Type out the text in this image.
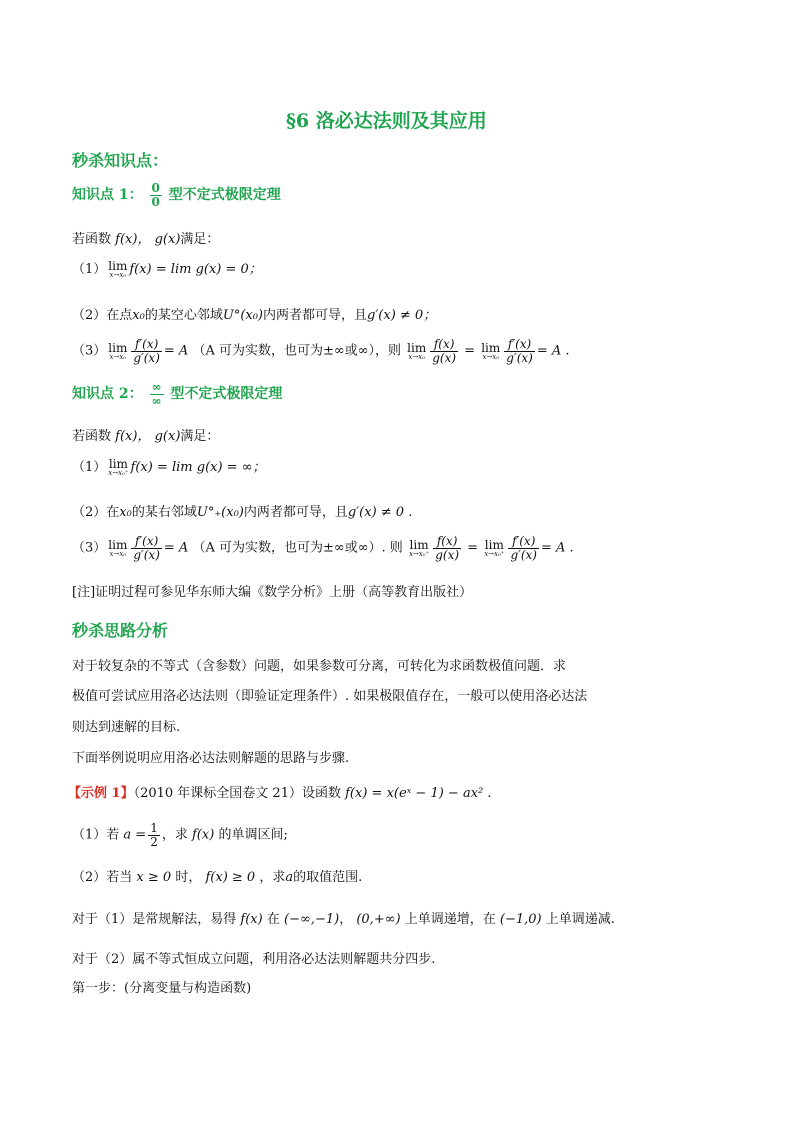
§6 洛必达法则及其应用
秒杀知识点：
知识点 1： $\frac{0}{0}$ 型不定式极限定理
若函数 f(x)， g(x)满足：
（1） lim
x→x₀ f(x) = lim g(x) = 0；
（2）在点x₀的某空心邻域U°(x₀)内两者都可导，且g′(x) ≠ 0；
（3） lim
$x\to x_0 \frac{f'(x)}{g'(x)} = A$ （A 可为实数，也可为±∞或∞），则 lim
$x\to x_0 \frac{f(x)}{g(x)} = \lim$
$x\to x_0 \frac{f'(x)}{g'(x)} = A$ .
知识点 2： $\frac{\infty}{\infty}$ 型不定式极限定理
若函数 f(x)， g(x)满足：
（1） lim
x→x₀⁺ f(x) = lim g(x) = ∞；
（2）在x₀的某右邻域U°₊(x₀)内两者都可导，且g′(x) ≠ 0 .
（3） lim
$x\to x_0 \frac{f'(x)}{g'(x)} = A$ （A 可为实数，也可为±∞或∞）. 则 lim
$x\to x_0^+ \frac{f(x)}{g(x)} = \lim$
$x\to x_0^+ \frac{f'(x)}{g'(x)} = A$ .
[注]证明过程可参见华东师大编《数学分析》上册（高等教育出版社）
秒杀思路分析
对于较复杂的不等式（含参数）问题，如果参数可分离，可转化为求函数极值问题．求
极值可尝试应用洛必达法则（即验证定理条件）. 如果极限值存在，一般可以使用洛必达法
则达到速解的目标.
下面举例说明应用洛必达法则解题的思路与步骤.
【示例 1】（2010 年课标全国卷文 21）设函数 f(x) = x(eˣ − 1) − ax² .
（1）若 $a = \frac{1}{2}$ ，求 f(x) 的单调区间;
（2）若当 x ≥ 0 时， f(x) ≥ 0 ，求a的取值范围.
对于（1）是常规解法，易得 f(x) 在 (−∞,−1)， (0,+∞) 上单调递增，在 (−1,0) 上单调递减.
对于（2）属不等式恒成立问题，利用洛必达法则解题共分四步.
第一步：(分离变量与构造函数)
